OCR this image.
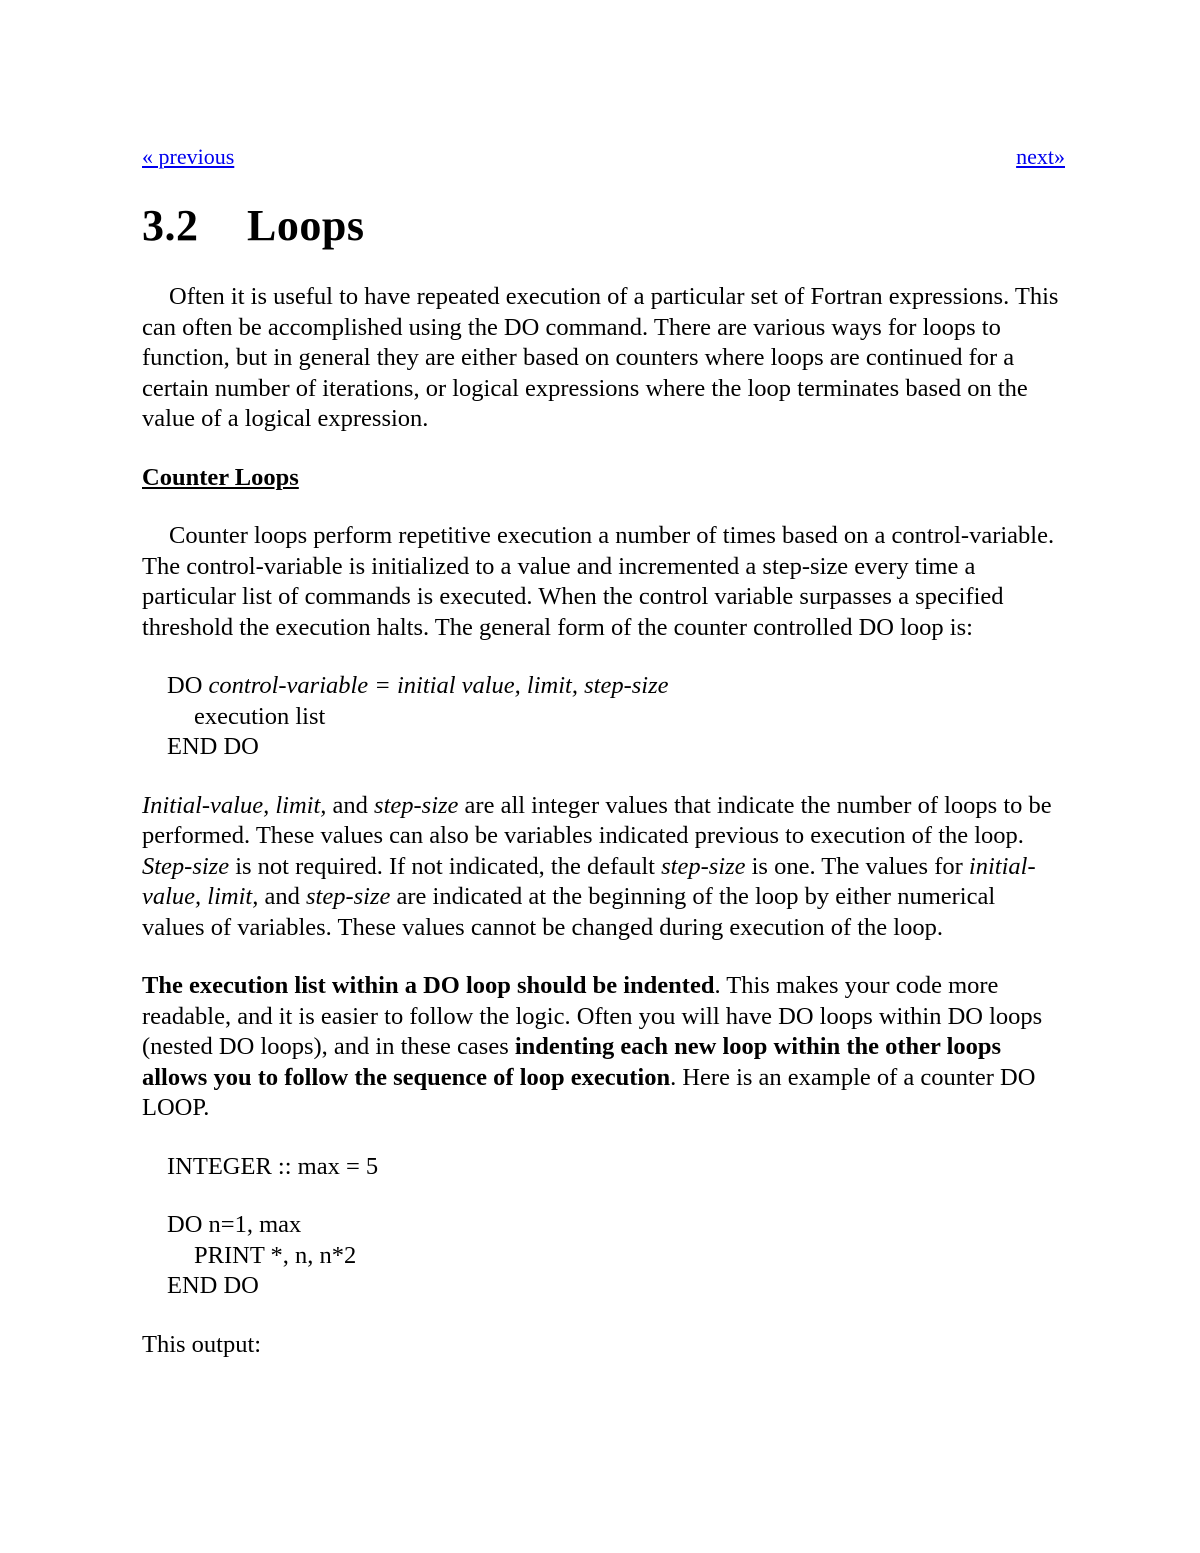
« previous	next»
3.2 Loops

Often it is useful to have repeated execution of a particular set of Fortran expressions. This can often be accomplished using the DO command. There are various ways for loops to function, but in general they are either based on counters where loops are continued for a certain number of iterations, or logical expressions where the loop terminates based on the value of a logical expression.

Counter Loops

Counter loops perform repetitive execution a number of times based on a control-variable. The control-variable is initialized to a value and incremented a step-size every time a particular list of commands is executed. When the control variable surpasses a specified threshold the execution halts. The general form of the counter controlled DO loop is:

DO control-variable = initial value, limit, step-size
execution list
END DO

Initial-value, limit, and step-size are all integer values that indicate the number of loops to be performed. These values can also be variables indicated previous to execution of the loop. Step-size is not required. If not indicated, the default step-size is one. The values for initial-value, limit, and step-size are indicated at the beginning of the loop by either numerical values of variables. These values cannot be changed during execution of the loop.

The execution list within a DO loop should be indented. This makes your code more readable, and it is easier to follow the logic. Often you will have DO loops within DO loops (nested DO loops), and in these cases indenting each new loop within the other loops allows you to follow the sequence of loop execution. Here is an example of a counter DO LOOP.

INTEGER :: max = 5
DO n=1, max
PRINT *, n, n*2
END DO

This output:
